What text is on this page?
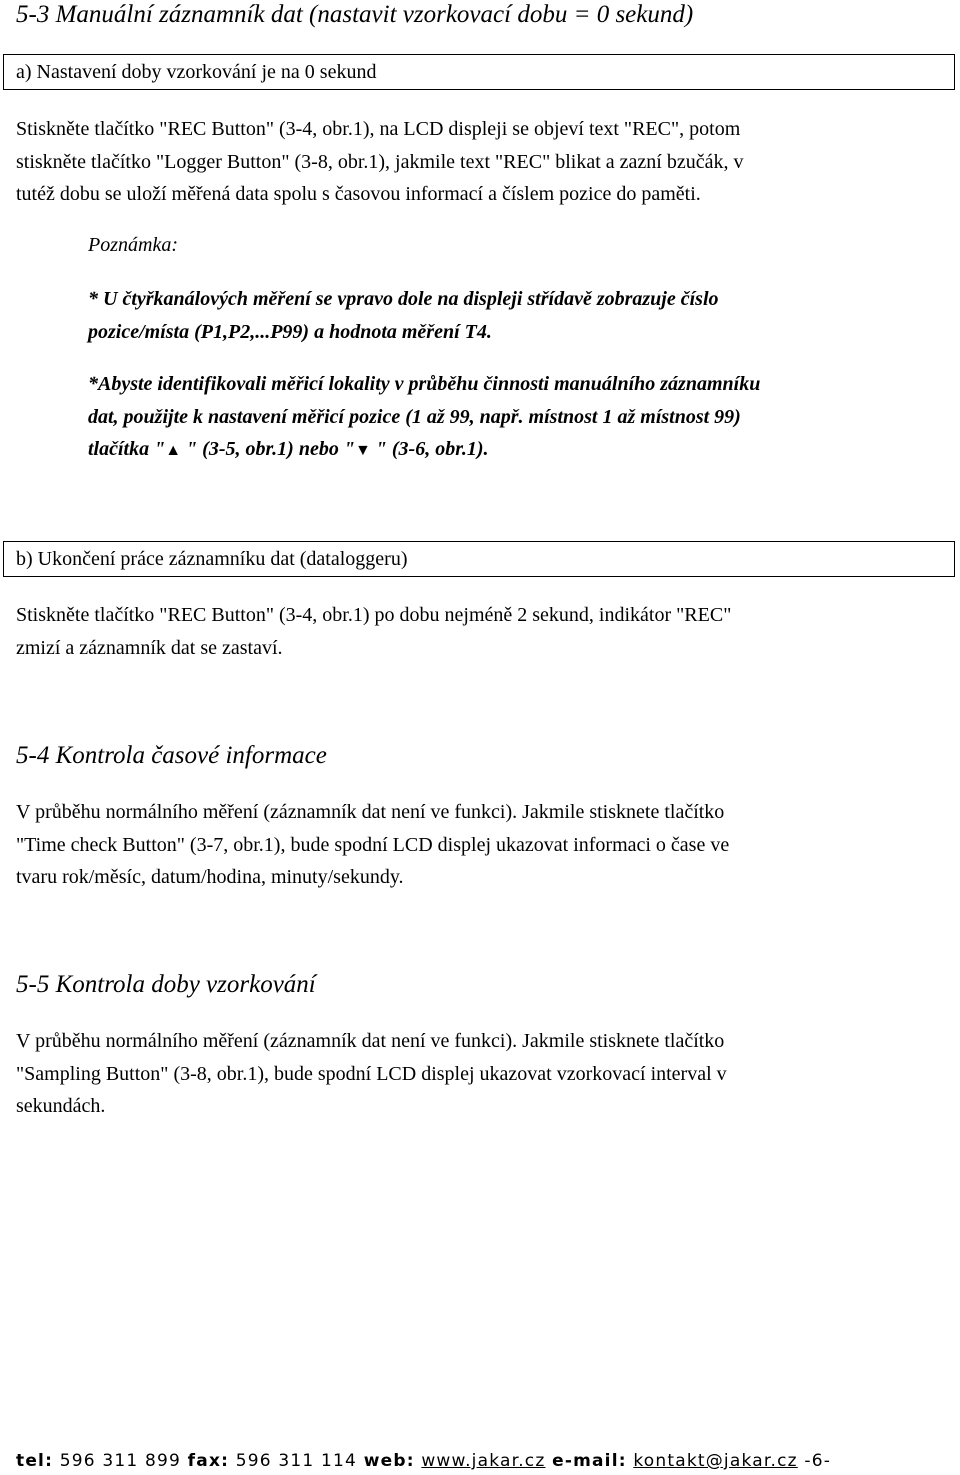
5-3 Manuální záznamník dat (nastavit vzorkovací dobu = 0 sekund)
a) Nastavení doby vzorkování je na 0 sekund
Stiskněte tlačítko "REC Button" (3-4, obr.1), na LCD displeji se objeví text "REC", potom
stiskněte tlačítko "Logger Button" (3-8, obr.1), jakmile text "REC" blikat a zazní bzučák, v
tutéž dobu se uloží měřená data spolu s časovou informací a číslem pozice do paměti.
Poznámka:
* U čtyřkanálových měření se vpravo dole na displeji střídavě zobrazuje číslo
pozice/místa (P1,P2,...P99) a hodnota měření T4.
*Abyste identifikovali měřicí lokality v průběhu činnosti manuálního záznamníku
dat, použijte k nastavení měřicí pozice (1 až 99, např. místnost 1 až místnost 99)
tlačítka "▲ " (3-5, obr.1) nebo "▼ " (3-6, obr.1).
b) Ukončení práce záznamníku dat (dataloggeru)
Stiskněte tlačítko "REC Button" (3-4, obr.1) po dobu nejméně 2 sekund, indikátor "REC"
zmizí a záznamník dat se zastaví.
5-4 Kontrola časové informace
V průběhu normálního měření (záznamník dat není ve funkci). Jakmile stisknete tlačítko
"Time check Button" (3-7, obr.1), bude spodní LCD displej ukazovat informaci o čase ve
tvaru rok/měsíc, datum/hodina, minuty/sekundy.
5-5 Kontrola doby vzorkování
V průběhu normálního měření (záznamník dat není ve funkci). Jakmile stisknete tlačítko
"Sampling Button" (3-8, obr.1), bude spodní LCD displej ukazovat vzorkovací interval v
sekundách.
tel: 596 311 899 fax: 596 311 114 web: www.jakar.cz e-mail: kontakt@jakar.cz -6-
